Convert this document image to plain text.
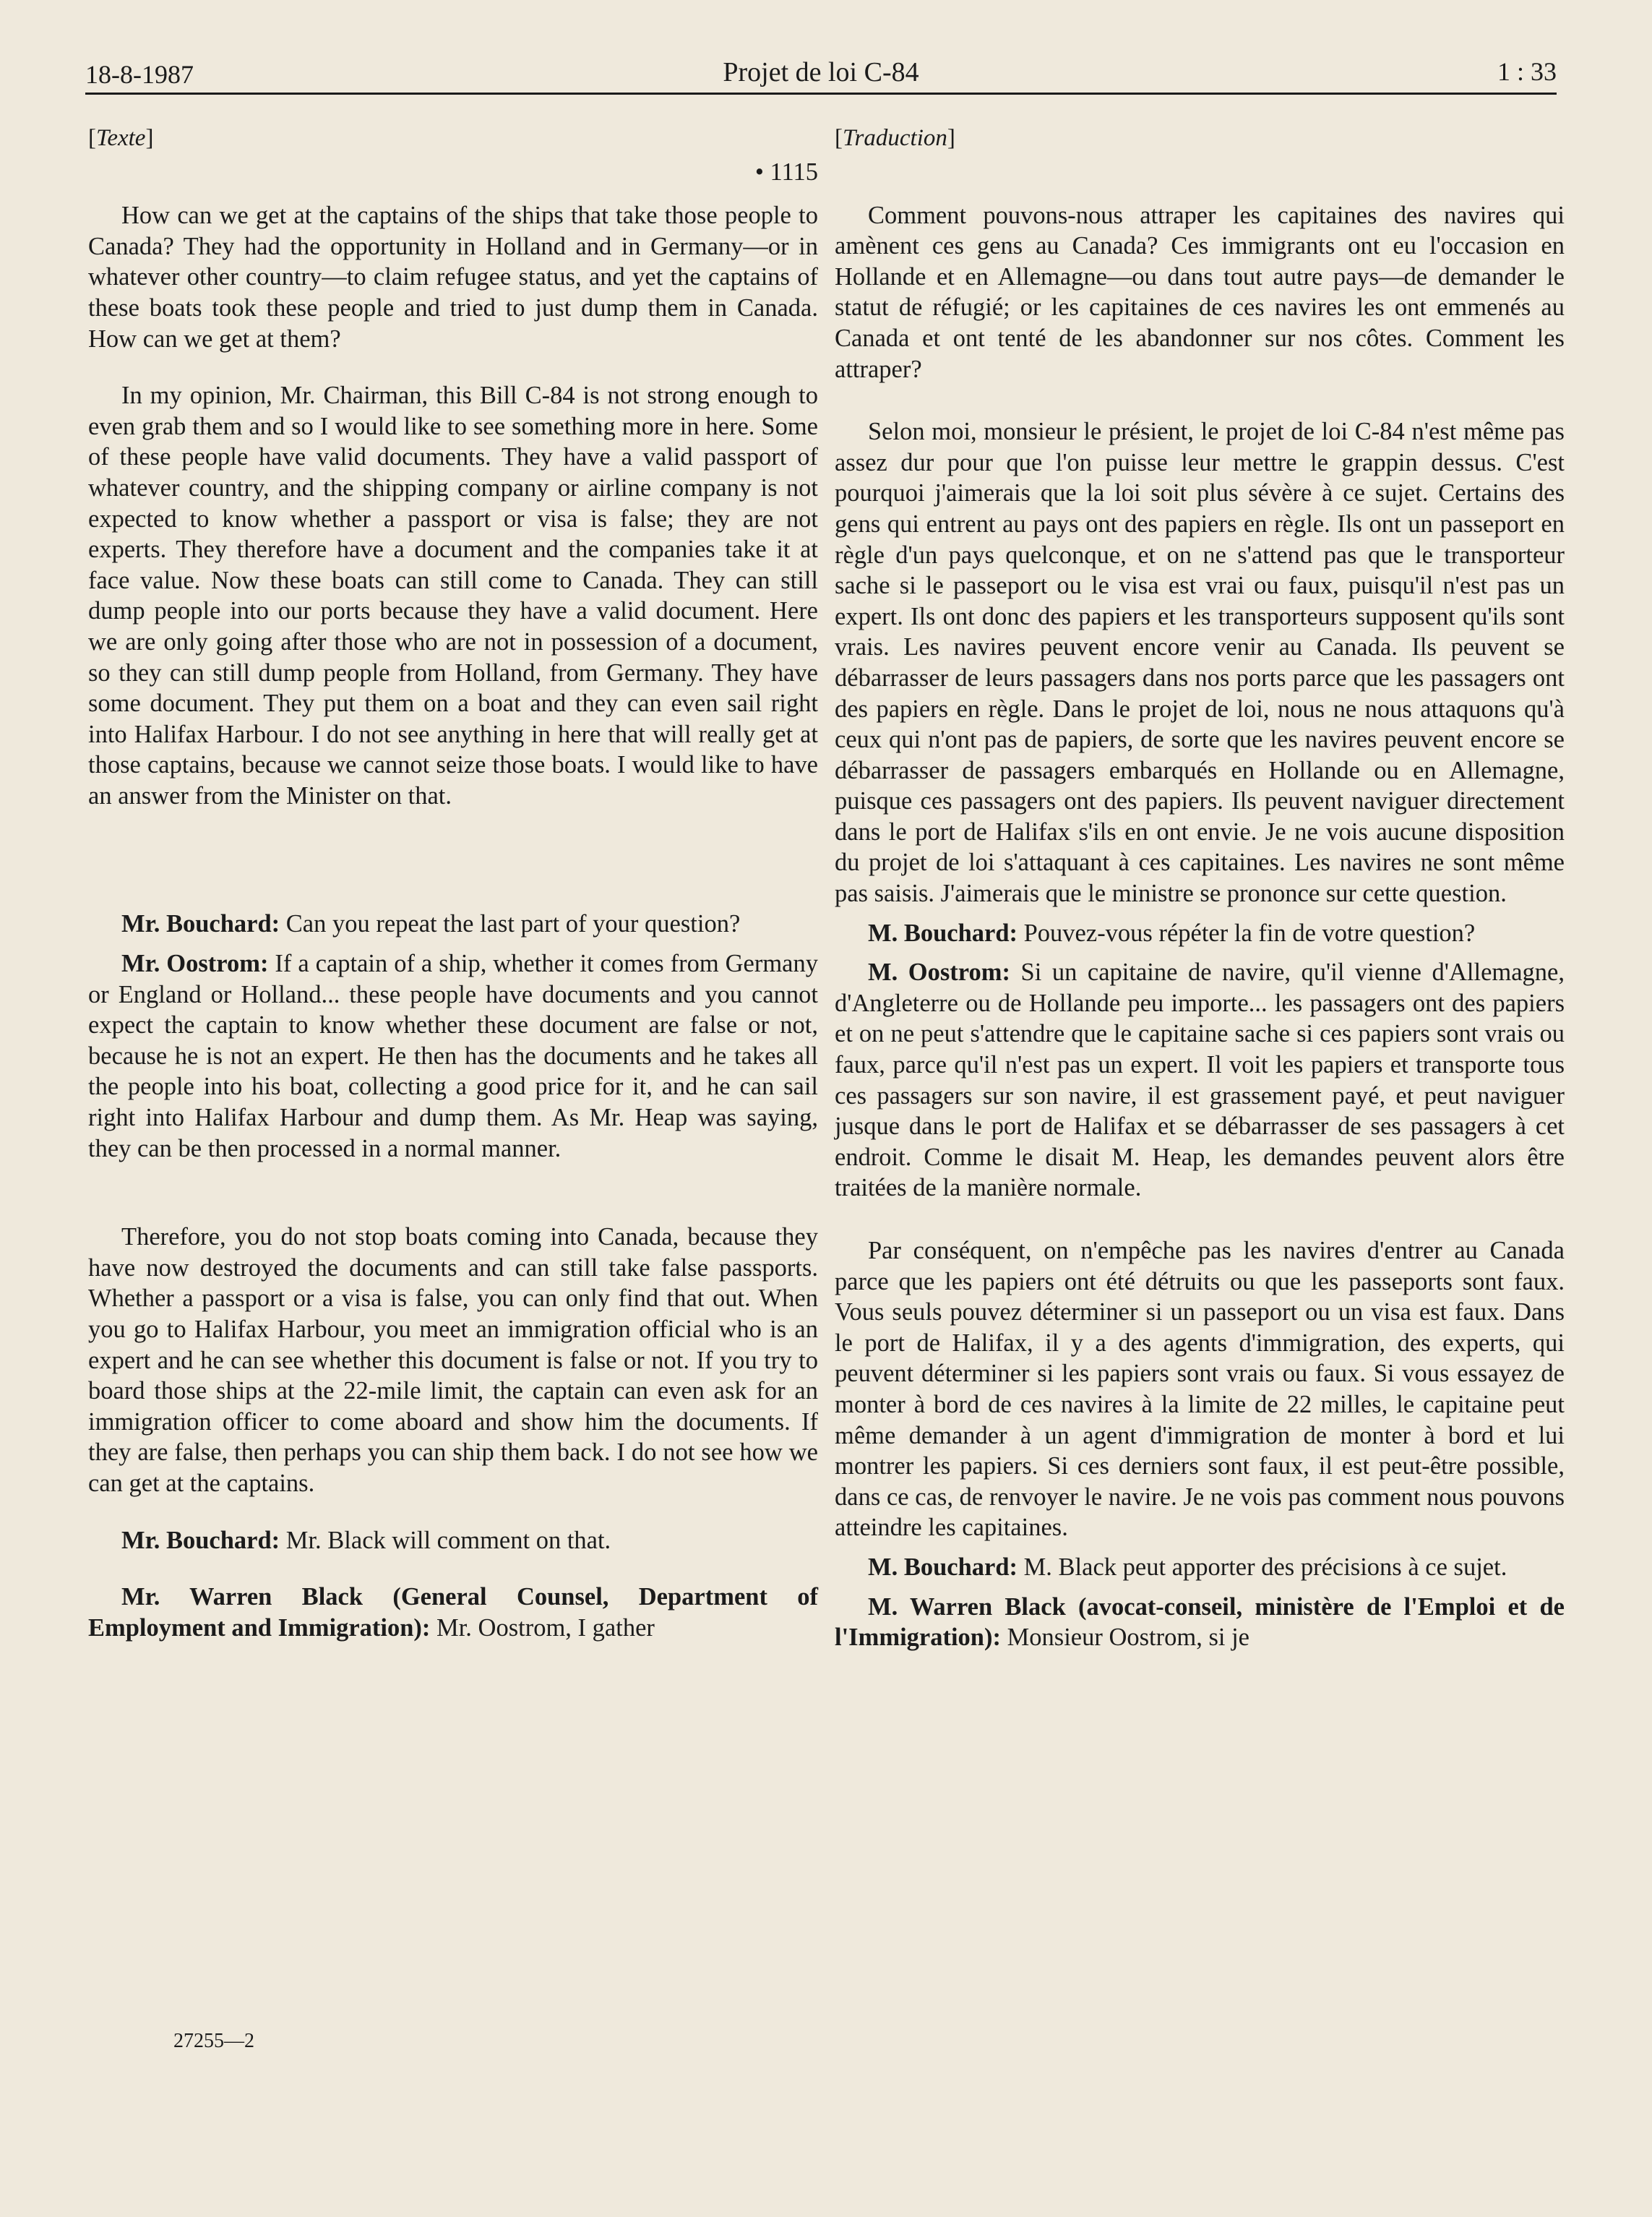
18-8-1987	Projet de loi C-84	1 : 33

[Texte]

• 1115

How can we get at the captains of the ships that take those people to Canada? They had the opportunity in Holland and in Germany—or in whatever other country—to claim refugee status, and yet the captains of these boats took these people and tried to just dump them in Canada. How can we get at them?

In my opinion, Mr. Chairman, this Bill C-84 is not strong enough to even grab them and so I would like to see something more in here. Some of these people have valid documents. They have a valid passport of whatever country, and the shipping company or airline company is not expected to know whether a passport or visa is false; they are not experts. They therefore have a document and the companies take it at face value. Now these boats can still come to Canada. They can still dump people into our ports because they have a valid document. Here we are only going after those who are not in possession of a document, so they can still dump people from Holland, from Germany. They have some document. They put them on a boat and they can even sail right into Halifax Harbour. I do not see anything in here that will really get at those captains, because we cannot seize those boats. I would like to have an answer from the Minister on that.

Mr. Bouchard: Can you repeat the last part of your question?

Mr. Oostrom: If a captain of a ship, whether it comes from Germany or England or Holland... these people have documents and you cannot expect the captain to know whether these document are false or not, because he is not an expert. He then has the documents and he takes all the people into his boat, collecting a good price for it, and he can sail right into Halifax Harbour and dump them. As Mr. Heap was saying, they can be then processed in a normal manner.

Therefore, you do not stop boats coming into Canada, because they have now destroyed the documents and can still take false passports. Whether a passport or a visa is false, you can only find that out. When you go to Halifax Harbour, you meet an immigration official who is an expert and he can see whether this document is false or not. If you try to board those ships at the 22-mile limit, the captain can even ask for an immigration officer to come aboard and show him the documents. If they are false, then perhaps you can ship them back. I do not see how we can get at the captains.

Mr. Bouchard: Mr. Black will comment on that.

Mr. Warren Black (General Counsel, Department of Employment and Immigration): Mr. Oostrom, I gather

[Traduction]

Comment pouvons-nous attraper les capitaines des navires qui amènent ces gens au Canada? Ces immigrants ont eu l'occasion en Hollande et en Allemagne—ou dans tout autre pays—de demander le statut de réfugié; or les capitaines de ces navires les ont emmenés au Canada et ont tenté de les abandonner sur nos côtes. Comment les attraper?

Selon moi, monsieur le présient, le projet de loi C-84 n'est même pas assez dur pour que l'on puisse leur mettre le grappin dessus. C'est pourquoi j'aimerais que la loi soit plus sévère à ce sujet. Certains des gens qui entrent au pays ont des papiers en règle. Ils ont un passeport en règle d'un pays quelconque, et on ne s'attend pas que le transporteur sache si le passeport ou le visa est vrai ou faux, puisqu'il n'est pas un expert. Ils ont donc des papiers et les transporteurs supposent qu'ils sont vrais. Les navires peuvent encore venir au Canada. Ils peuvent se débarrasser de leurs passagers dans nos ports parce que les passagers ont des papiers en règle. Dans le projet de loi, nous ne nous attaquons qu'à ceux qui n'ont pas de papiers, de sorte que les navires peuvent encore se débarrasser de passagers embarqués en Hollande ou en Allemagne, puisque ces passagers ont des papiers. Ils peuvent naviguer directement dans le port de Halifax s'ils en ont envie. Je ne vois aucune disposition du projet de loi s'attaquant à ces capitaines. Les navires ne sont même pas saisis. J'aimerais que le ministre se prononce sur cette question.

M. Bouchard: Pouvez-vous répéter la fin de votre question?

M. Oostrom: Si un capitaine de navire, qu'il vienne d'Allemagne, d'Angleterre ou de Hollande peu importe... les passagers ont des papiers et on ne peut s'attendre que le capitaine sache si ces papiers sont vrais ou faux, parce qu'il n'est pas un expert. Il voit les papiers et transporte tous ces passagers sur son navire, il est grassement payé, et peut naviguer jusque dans le port de Halifax et se débarrasser de ses passagers à cet endroit. Comme le disait M. Heap, les demandes peuvent alors être traitées de la manière normale.

Par conséquent, on n'empêche pas les navires d'entrer au Canada parce que les papiers ont été détruits ou que les passeports sont faux. Vous seuls pouvez déterminer si un passeport ou un visa est faux. Dans le port de Halifax, il y a des agents d'immigration, des experts, qui peuvent déterminer si les papiers sont vrais ou faux. Si vous essayez de monter à bord de ces navires à la limite de 22 milles, le capitaine peut même demander à un agent d'immigration de monter à bord et lui montrer les papiers. Si ces derniers sont faux, il est peut-être possible, dans ce cas, de renvoyer le navire. Je ne vois pas comment nous pouvons atteindre les capitaines.

M. Bouchard: M. Black peut apporter des précisions à ce sujet.

M. Warren Black (avocat-conseil, ministère de l'Emploi et de l'Immigration): Monsieur Oostrom, si je

27255—2
